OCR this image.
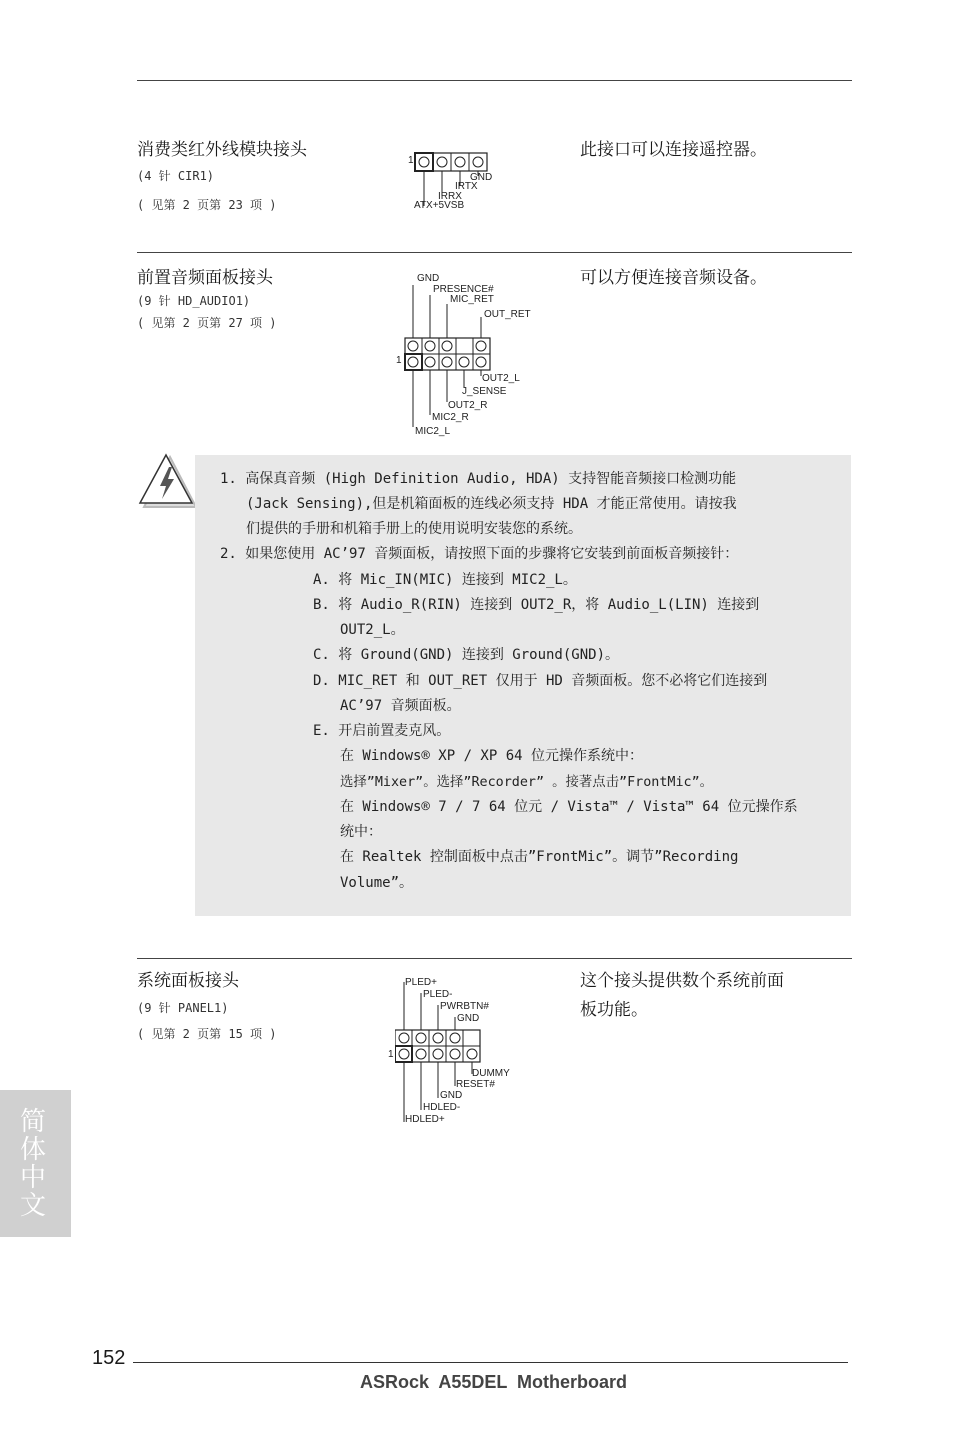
消费类红外线模块接头
(4 针 CIR1)
( 见第 2 页第 23 项 )
此接口可以连接遥控器。
1
GND
IRTX
IRRX
ATX+5VSB
前置音频面板接头
(9 针 HD_AUDIO1)
( 见第 2 页第 27 项 )
可以方便连接音频设备。
GND
PRESENCE#
MIC_RET
OUT_RET
1
OUT2_L
J_SENSE
OUT2_R
MIC2_R
MIC2_L
1. 高保真音频 (High Definition Audio, HDA) 支持智能音频接口检测功能
(Jack Sensing),但是机箱面板的连线必须支持 HDA 才能正常使用。请按我
们提供的手册和机箱手册上的使用说明安装您的系统。
2. 如果您使用 AC’97 音频面板，请按照下面的步骤将它安装到前面板音频接针：
A. 将 Mic_IN(MIC) 连接到 MIC2_L。
B. 将 Audio_R(RIN) 连接到 OUT2_R，将 Audio_L(LIN) 连接到
OUT2_L。
C. 将 Ground(GND) 连接到 Ground(GND)。
D. MIC_RET 和 OUT_RET 仅用于 HD 音频面板。您不必将它们连接到
AC’97 音频面板。
E. 开启前置麦克风。
在 Windows® XP / XP 64 位元操作系统中：
选择”Mixer”。选择”Recorder” 。接著点击”FrontMic”。
在 Windows® 7 / 7 64 位元 / Vista™ / Vista™ 64 位元操作系
统中：
在 Realtek 控制面板中点击”FrontMic”。调节”Recording
Volume”。
系统面板接头
(9 针 PANEL1)
( 见第 2 页第 15 项 )
这个接头提供数个系统前面
板功能。
PLED+
PLED-
PWRBTN#
GND
1
DUMMY
RESET#
GND
HDLED-
HDLED+
简体中文
152
ASRock  A55DEL  Motherboard
